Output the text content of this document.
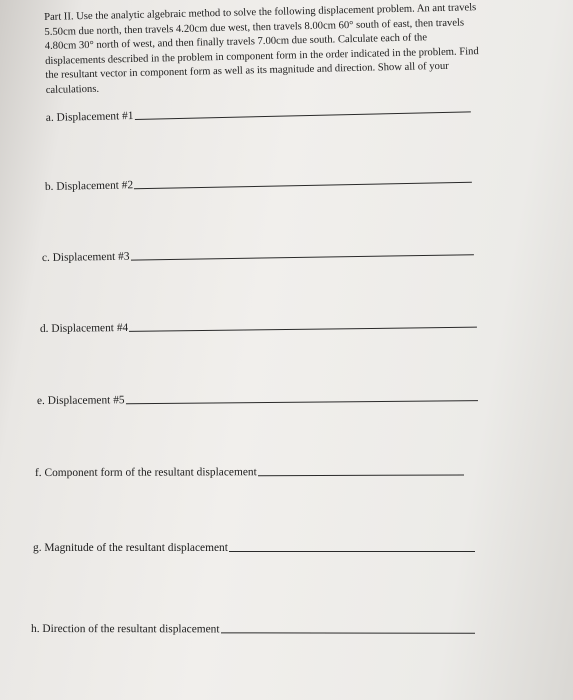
Part II. Use the analytic algebraic method to solve the following displacement problem. An ant travels 5.50cm due north, then travels 4.20cm due west, then travels 8.00cm 60° south of east, then travels 4.80cm 30° north of west, and then finally travels 7.00cm due south. Calculate each of the displacements described in the problem in component form in the order indicated in the problem. Find the resultant vector in component form as well as its magnitude and direction. Show all of your calculations.
a. Displacement #1
b. Displacement #2
c. Displacement #3
d. Displacement #4
e. Displacement #5
f. Component form of the resultant displacement
g. Magnitude of the resultant displacement
h. Direction of the resultant displacement
